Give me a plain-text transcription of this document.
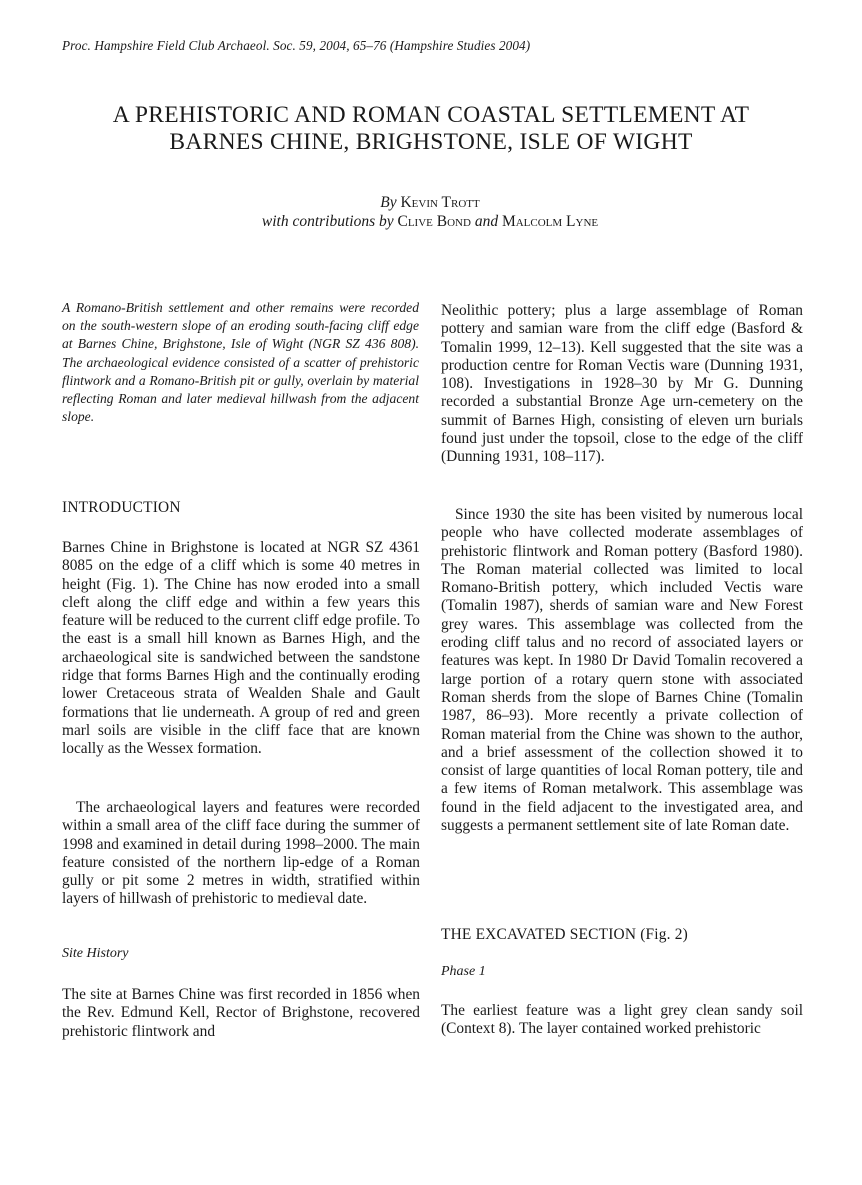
Proc. Hampshire Field Club Archaeol. Soc. 59, 2004, 65–76 (Hampshire Studies 2004)
A PREHISTORIC AND ROMAN COASTAL SETTLEMENT AT
BARNES CHINE, BRIGHSTONE, ISLE OF WIGHT
By Kevin Trott
with contributions by Clive Bond and Malcolm Lyne
A Romano-British settlement and other remains were recorded on the south-western slope of an eroding south-facing cliff edge at Barnes Chine, Brighstone, Isle of Wight (NGR SZ 436 808). The archaeological evidence consisted of a scatter of prehistoric flintwork and a Romano-British pit or gully, overlain by material reflecting Roman and later medieval hillwash from the adjacent slope.
INTRODUCTION

Barnes Chine in Brighstone is located at NGR SZ 4361 8085 on the edge of a cliff which is some 40 metres in height (Fig. 1). The Chine has now eroded into a small cleft along the cliff edge and within a few years this feature will be reduced to the current cliff edge profile. To the east is a small hill known as Barnes High, and the archaeological site is sandwiched between the sandstone ridge that forms Barnes High and the continually eroding lower Cretaceous strata of Wealden Shale and Gault formations that lie underneath. A group of red and green marl soils are visible in the cliff face that are known locally as the Wessex formation.

The archaeological layers and features were recorded within a small area of the cliff face during the summer of 1998 and examined in detail during 1998–2000. The main feature consisted of the northern lip-edge of a Roman gully or pit some 2 metres in width, stratified within layers of hillwash of prehistoric to medieval date.

Site History

The site at Barnes Chine was first recorded in 1856 when the Rev. Edmund Kell, Rector of Brighstone, recovered prehistoric flintwork and

Neolithic pottery; plus a large assemblage of Roman pottery and samian ware from the cliff edge (Basford & Tomalin 1999, 12–13). Kell suggested that the site was a production centre for Roman Vectis ware (Dunning 1931, 108). Investigations in 1928–30 by Mr G. Dunning recorded a substantial Bronze Age urn-cemetery on the summit of Barnes High, consisting of eleven urn burials found just under the topsoil, close to the edge of the cliff (Dunning 1931, 108–117).

Since 1930 the site has been visited by numerous local people who have collected moderate assemblages of prehistoric flintwork and Roman pottery (Basford 1980). The Roman material collected was limited to local Romano-British pottery, which included Vectis ware (Tomalin 1987), sherds of samian ware and New Forest grey wares. This assemblage was collected from the eroding cliff talus and no record of associated layers or features was kept. In 1980 Dr David Tomalin recovered a large portion of a rotary quern stone with associated Roman sherds from the slope of Barnes Chine (Tomalin 1987, 86–93). More recently a private collection of Roman material from the Chine was shown to the author, and a brief assessment of the collection showed it to consist of large quantities of local Roman pottery, tile and a few items of Roman metalwork. This assemblage was found in the field adjacent to the investigated area, and suggests a permanent settlement site of late Roman date.

THE EXCAVATED SECTION (Fig. 2)
Phase 1

The earliest feature was a light grey clean sandy soil (Context 8). The layer contained worked prehistoric
